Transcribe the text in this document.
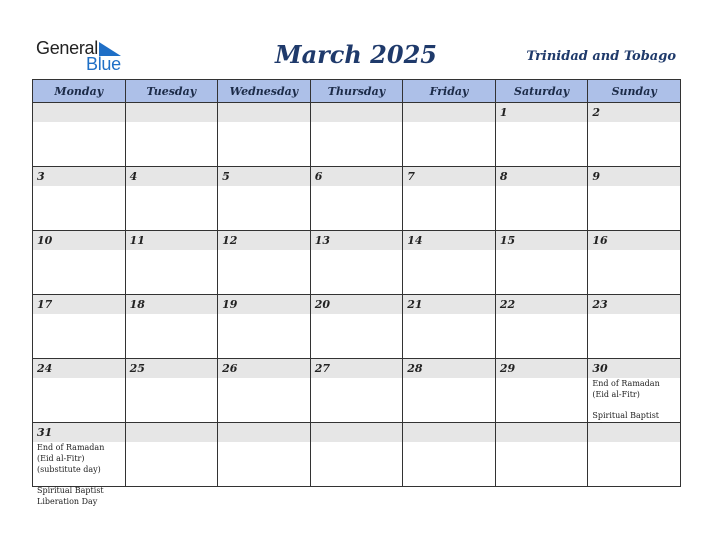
General
Blue	March 2025	Trinidad and Tobago
Monday	Tuesday	Wednesday	Thursday	Friday	Saturday	Sunday

					1	2

3	4	5	6	7	8	9

10	11	12	13	14	15	16

17	18	19	20	21	22	23

24	25	26	27	28	29	30
End of Ramadan (Eid al-Fitr)
Spiritual Baptist

31
End of Ramadan (Eid al-Fitr) (substitute day)
Spiritual Baptist Liberation Day						
